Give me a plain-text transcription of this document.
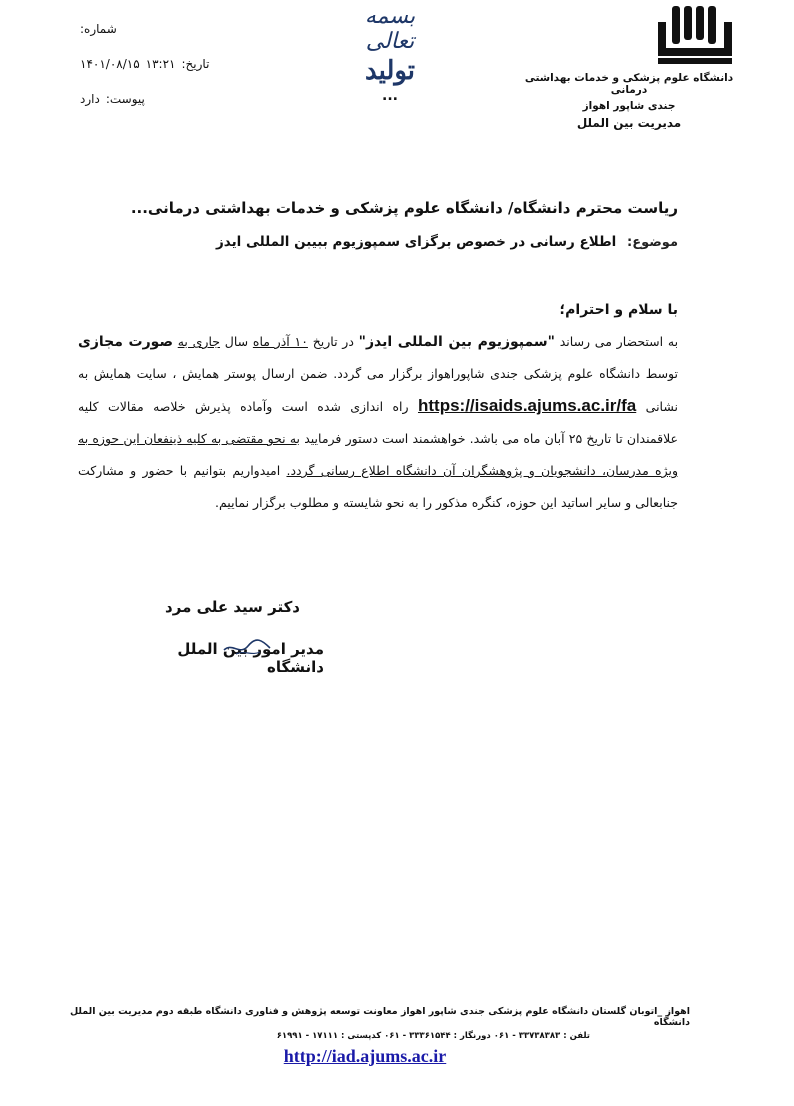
شماره:
تاریخ:
۱۳:۲۱
۱۴۰۱/۰۸/۱۵
پیوست:
دارد
بسمه تعالی
تولید
...
دانشگاه علوم پزشکی و خدمات بهداشتی درمانی
جندی شاپور اهواز
مدیریت بین الملل
ریاست محترم دانشگاه/ دانشگاه علوم پزشکی و خدمات بهداشتی درمانی...
موضوع: اطلاع رسانی در خصوص برگزای سمپوزیوم ببیبن المللی ایدز
با سلام و احترام؛
به استحضار می رساند "سمپوزیوم بین المللی ایدز" در تاریخ ۱۰ آذر ماه سال جاری به صورت مجازی توسط دانشگاه علوم پزشکی جندی شاپوراهواز برگزار می گردد. ضمن ارسال پوستر همایش ، سایت همایش به نشانی https://isaids.ajums.ac.ir/fa راه اندازی شده است وآماده پذیرش خلاصه مقالات کلیه علاقمندان تا تاریخ ۲۵ آبان ماه می باشد. خواهشمند است دستور فرمایید به نحو مقتضی به کلیه ذینفعان این حوزه به ویژه مدرسان، دانشجویان و پژوهشگران آن دانشگاه اطلاع رسانی گردد. امیدواریم بتوانیم با حضور و مشارکت جنابعالی و سایر اساتید این حوزه، کنگره مذکور را به نحو شایسته و مطلوب برگزار نماییم.
دکتر سید علی مرد
مدیر امور بین الملل دانشگاه
اهواز _اتوبان گلستان دانشگاه علوم پزشکی جندی شاپور اهواز معاونت توسعه پژوهش و فناوری دانشگاه طبقه دوم مدیریت بین الملل دانشگاه
تلفن : ۳۳۷۳۸۳۸۳ - ۰۶۱ دورنگار : ۳۳۳۶۱۵۴۴ - ۰۶۱ کدپستی : ۱۷۱۱۱ - ۶۱۹۹۱
http://iad.ajums.ac.ir
